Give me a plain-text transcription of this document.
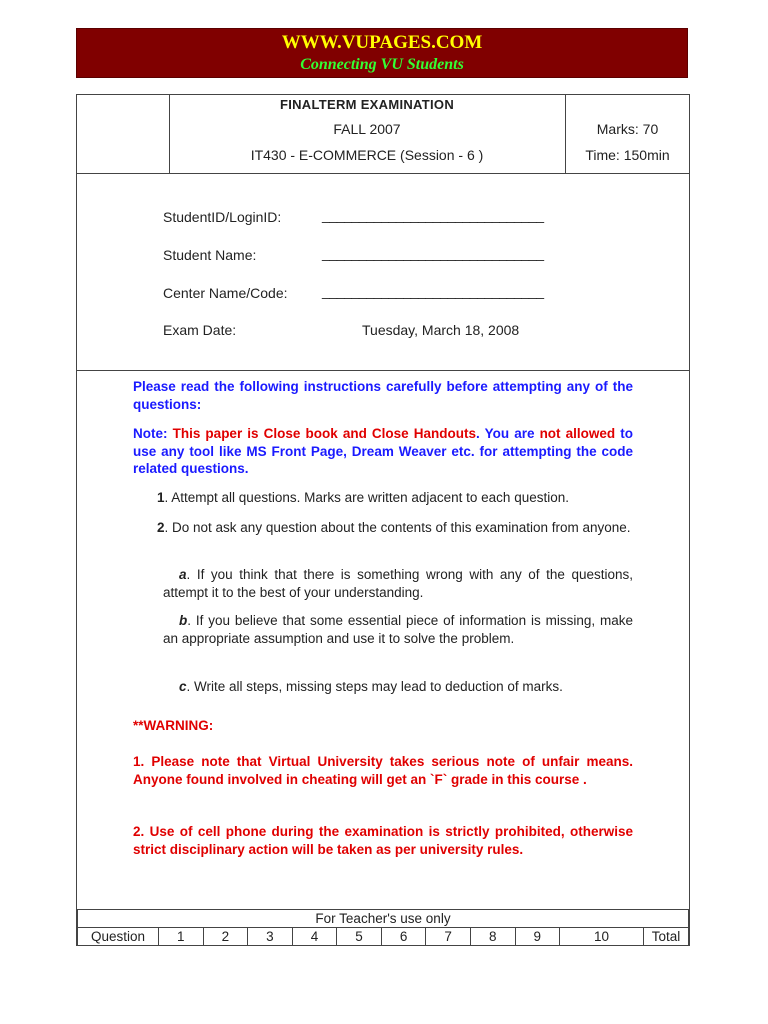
WWW.VUPAGES.COM
Connecting VU Students
FINALTERM EXAMINATION
FALL 2007
IT430 - E-COMMERCE (Session - 6 )
Marks: 70
Time: 150min
StudentID/LoginID:	______________________________
Student Name:	______________________________
Center Name/Code: ______________________________
Exam Date:	Tuesday, March 18, 2008
Please read the following instructions carefully before attempting any of the questions:
Note: This paper is Close book and Close Handouts. You are not allowed to use any tool like MS Front Page, Dream Weaver etc. for attempting the code related questions.
1. Attempt all questions. Marks are written adjacent to each question.
2. Do not ask any question about the contents of this examination from anyone.
a. If you think that there is something wrong with any of the questions, attempt it to the best of your understanding.
b. If you believe that some essential piece of information is missing, make an appropriate assumption and use it to solve the problem.
c. Write all steps, missing steps may lead to deduction of marks.
**WARNING:
1. Please note that Virtual University takes serious note of unfair means. Anyone found involved in cheating will get an `F` grade in this course .
2. Use of cell phone during the examination is strictly prohibited, otherwise strict disciplinary action will be taken as per university rules.
For Teacher's use only
Question	1	2	3	4	5	6	7	8	9	10	Total
